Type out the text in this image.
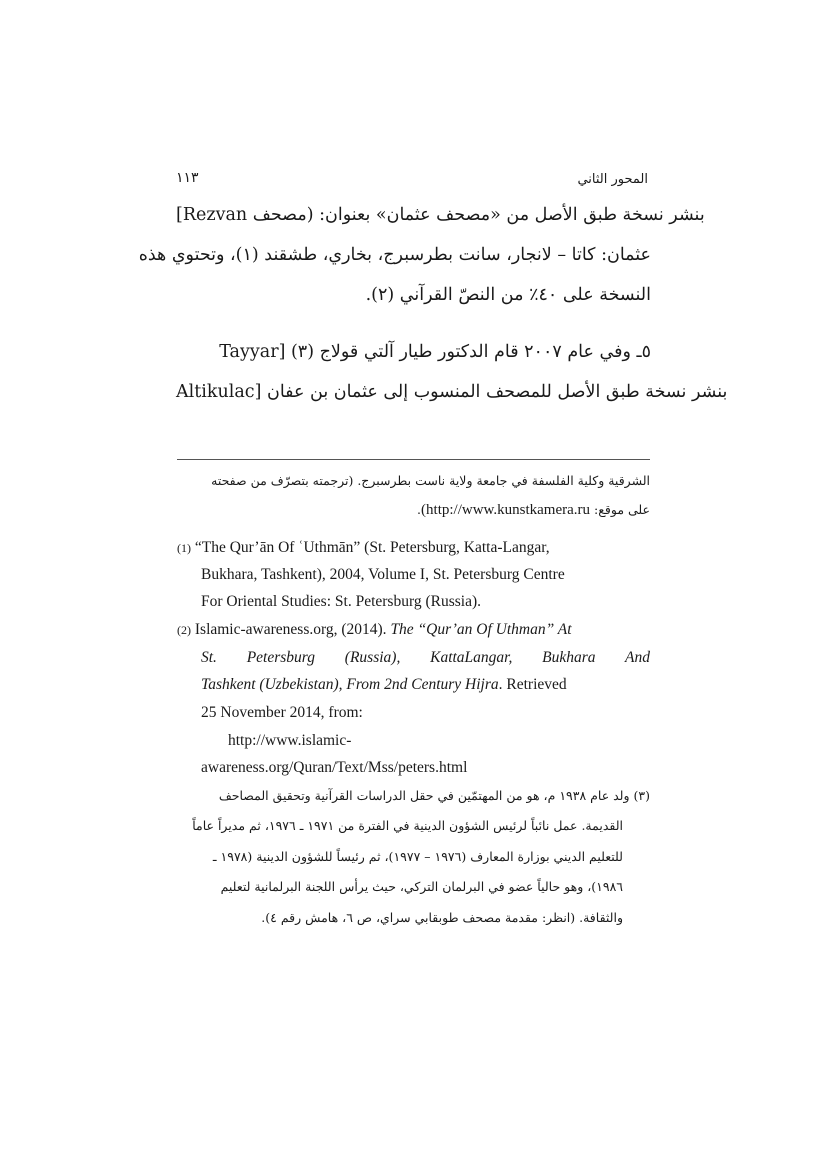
المحور الثاني
١١٣
[Rezvan بنشر نسخة طبق الأصل من «مصحف عثمان» بعنوان: (مصحف
عثمان: كاتا – لانجار، سانت بطرسبرج، بخاري، طشقند (١)، وتحتوي هذه
النسخة على ٤٠٪ من النصّ القرآني (٢).
٥ـ وفي عام ٢٠٠٧ قام الدكتور طيار آلتي قولاج (٣) [Tayyar
Altikulac] بنشر نسخة طبق الأصل للمصحف المنسوب إلى عثمان بن عفان
الشرقية وكلية الفلسفة في جامعة ولاية ناست بطرسبرج. (ترجمته بتصرّف من صفحته
على موقع: (http://www.kunstkamera.ru.
(1) “The Qur’ān Of ʿUthmān” (St. Petersburg, Katta-Langar,
Bukhara, Tashkent), 2004, Volume I, St. Petersburg Centre
For Oriental Studies: St. Petersburg (Russia).
(2) Islamic-awareness.org, (2014). The “Qur’an Of Uthman” At
St. Petersburg (Russia), KattaLangar, Bukhara And
Tashkent (Uzbekistan), From 2nd Century Hijra. Retrieved
25 November 2014, from:
http://www.islamic-
awareness.org/Quran/Text/Mss/peters.html
(٣) ولد عام ١٩٣٨ م، هو من المهتمّين في حقل الدراسات القرآنية وتحقيق المصاحف
القديمة. عمل نائباً لرئيس الشؤون الدينية في الفترة من ١٩٧١ ـ ١٩٧٦، ثم مديراً عاماً
للتعليم الديني بوزارة المعارف (١٩٧٦ – ١٩٧٧)، ثم رئيساً للشؤون الدينية (١٩٧٨ ـ
١٩٨٦)، وهو حالياً عضو في البرلمان التركي، حيث يرأس اللجنة البرلمانية لتعليم
والثقافة. (انظر: مقدمة مصحف طوبقابي سراي، ص ٦، هامش رقم ٤).
